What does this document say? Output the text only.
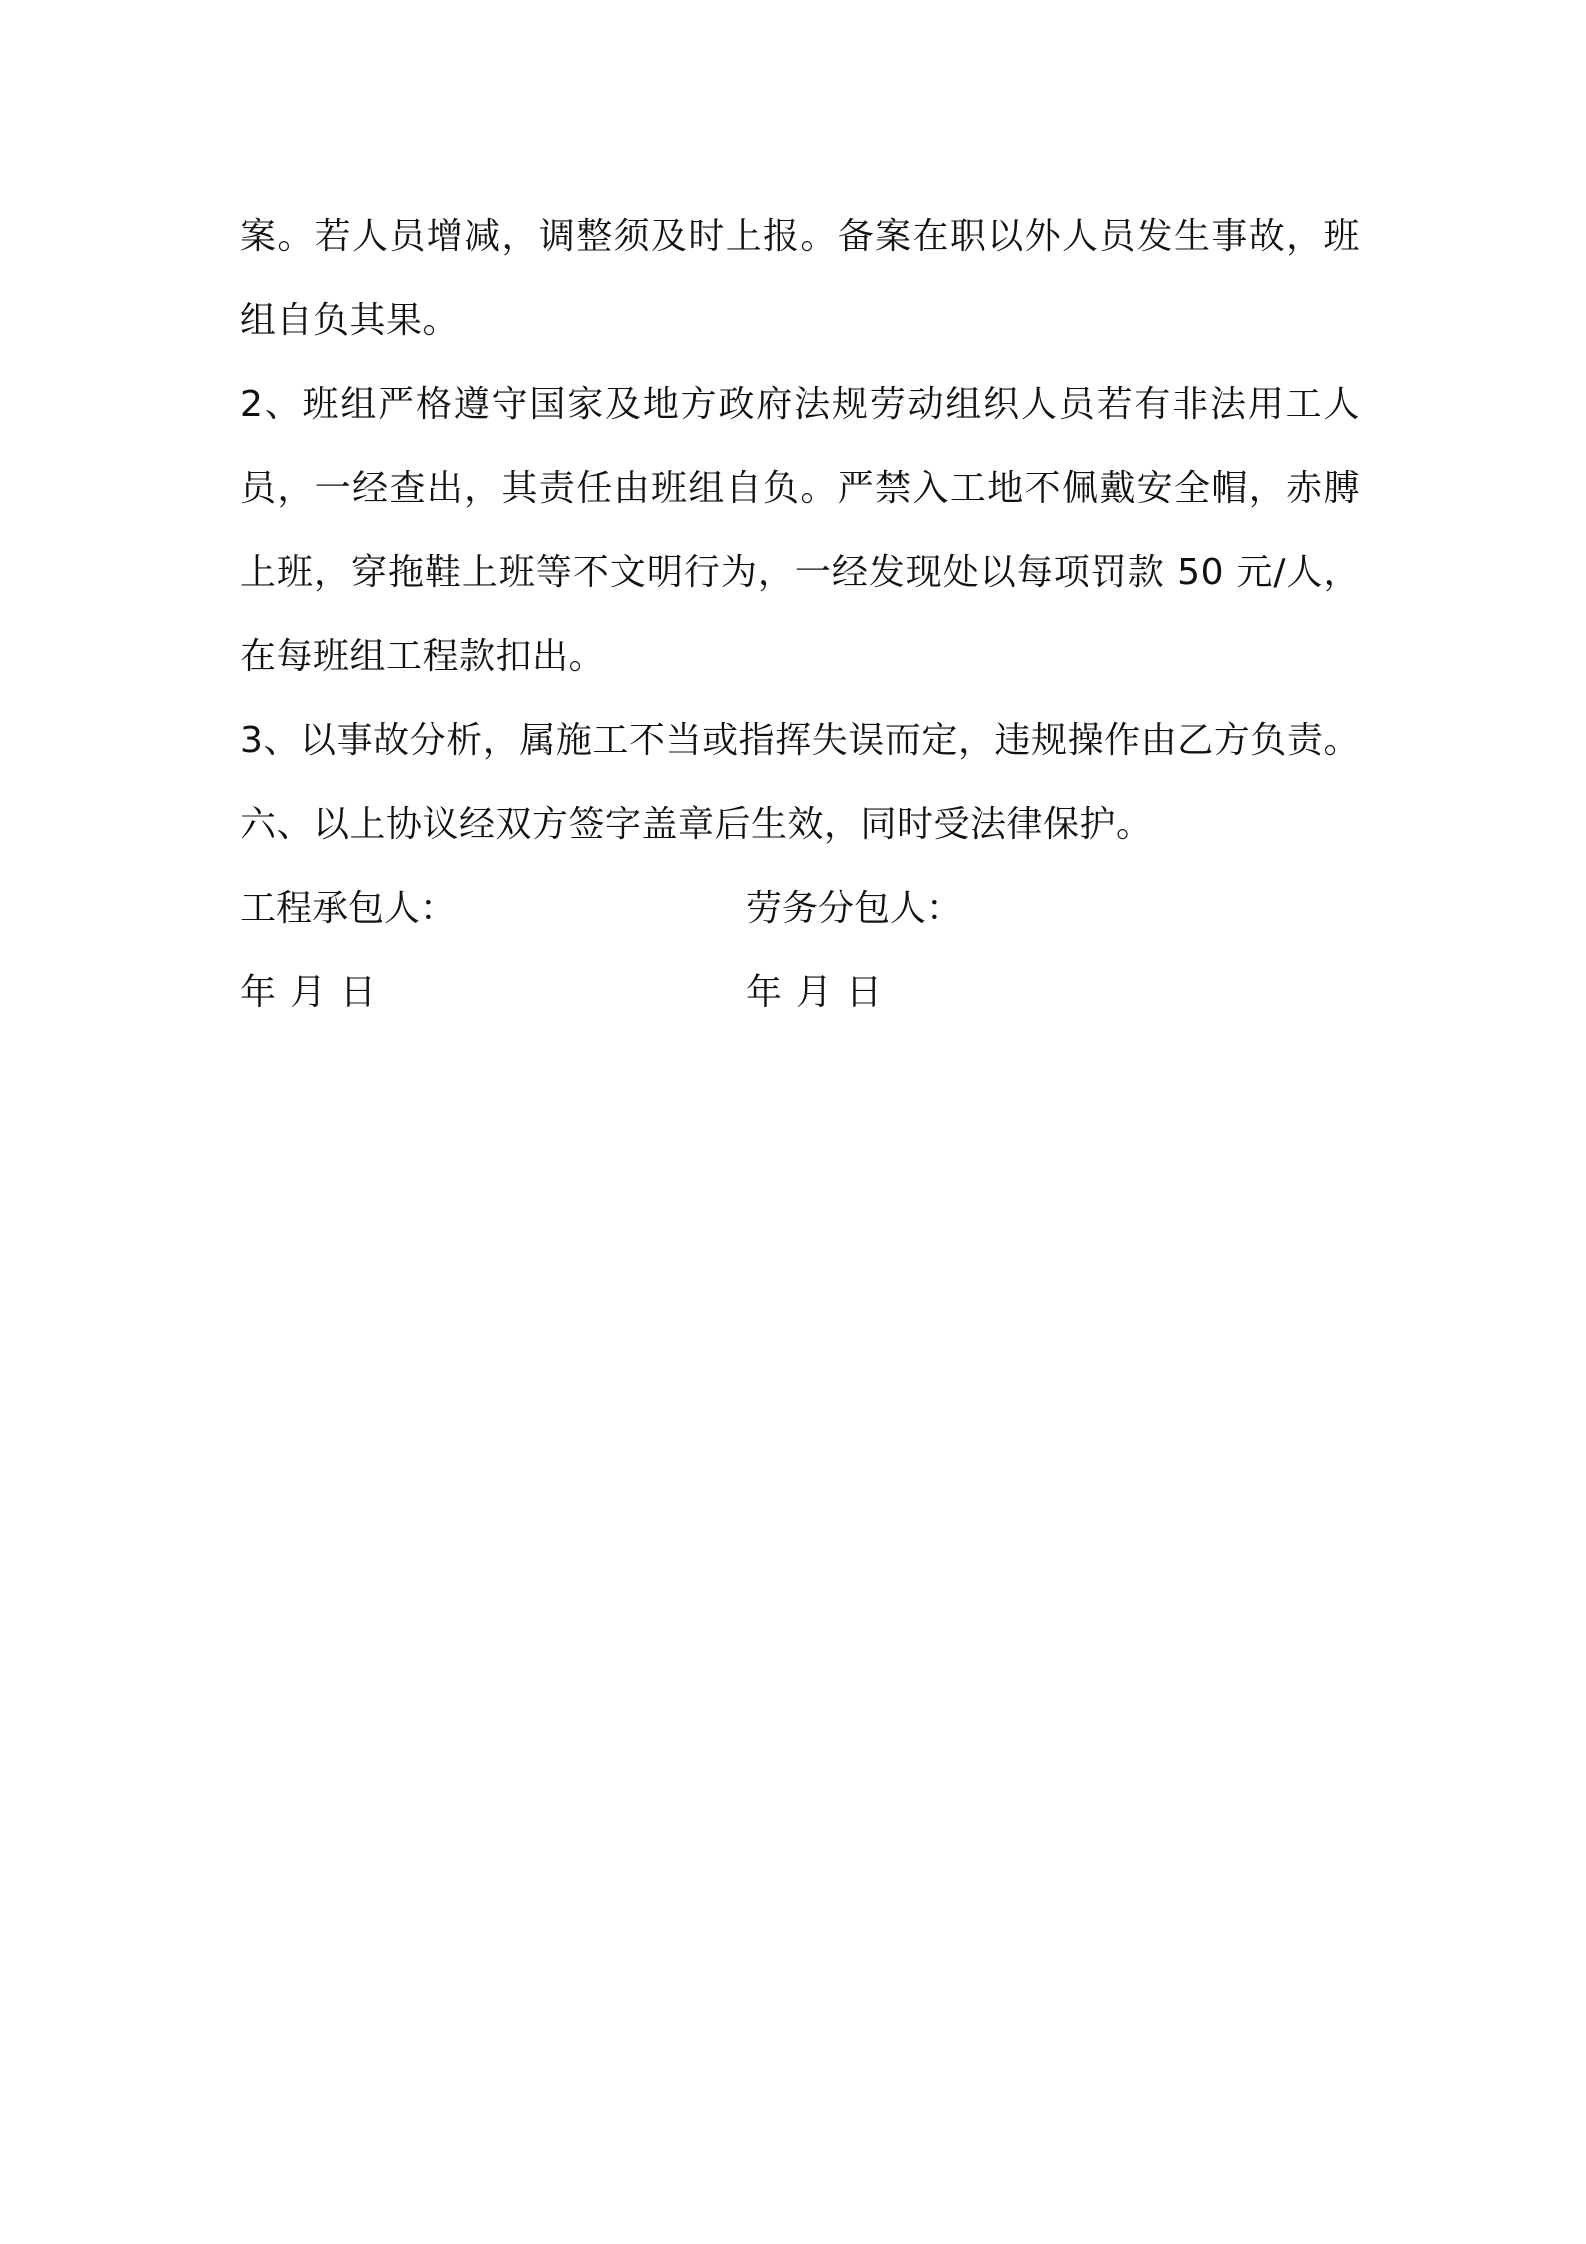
案。若人员增减，调整须及时上报。备案在职以外人员发生事故，班
组自负其果。
2、班组严格遵守国家及地方政府法规劳动组织人员若有非法用工人
员，一经查出，其责任由班组自负。严禁入工地不佩戴安全帽，赤膊
上班，穿拖鞋上班等不文明行为，一经发现处以每项罚款 50 元/人，
在每班组工程款扣出。
3、以事故分析，属施工不当或指挥失误而定，违规操作由乙方负责。
六、以上协议经双方签字盖章后生效，同时受法律保护。
工程承包人：	劳务分包人：
年 月 日	年 月 日
